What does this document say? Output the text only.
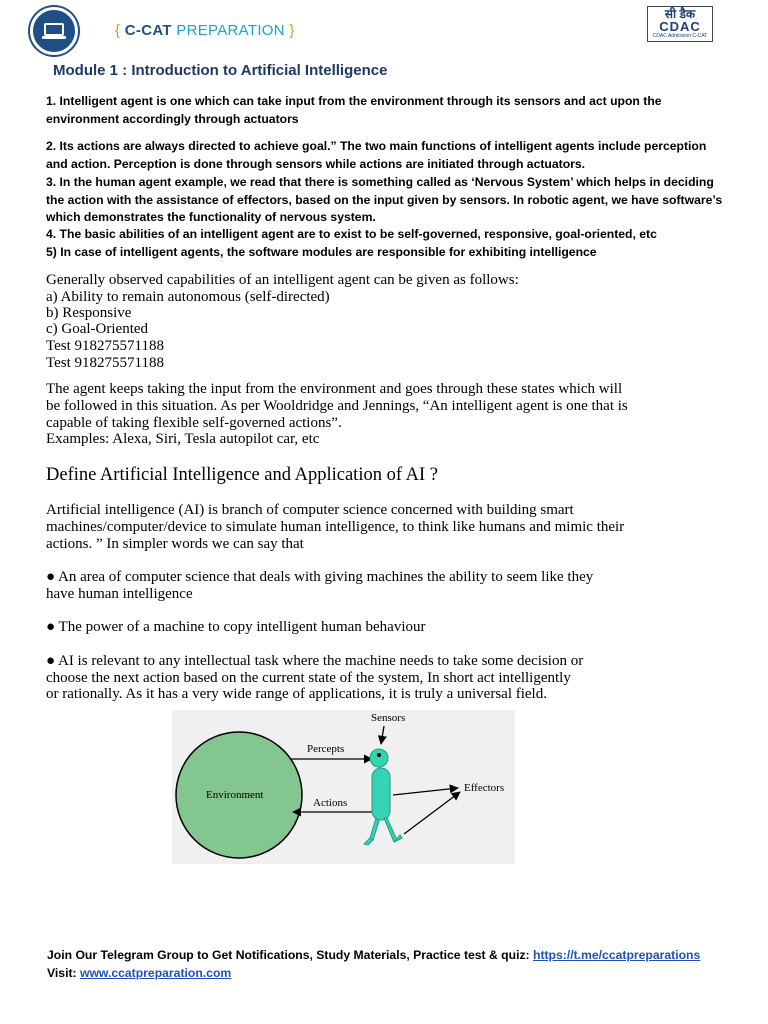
{ C-CAT PREPARATION }
सी डैक
CDAC
CDAC Admission C-CAT
Module 1 : Introduction to Artificial Intelligence
1. Intelligent agent is one which can take input from the environment through its sensors and act upon the environment accordingly through actuators
2. Its actions are always directed to achieve goal.” The two main functions of intelligent agents include perception and action. Perception is done through sensors while actions are initiated through actuators.
3. In the human agent example, we read that there is something called as ‘Nervous System’ which helps in deciding the action with the assistance of effectors, based on the input given by sensors. In robotic agent, we have software’s which demonstrates the functionality of nervous system.
4. The basic abilities of an intelligent agent are to exist to be self-governed, responsive, goal-oriented, etc
5) In case of intelligent agents, the software modules are responsible for exhibiting intelligence
Generally observed capabilities of an intelligent agent can be given as follows:
a) Ability to remain autonomous (self-directed)
b) Responsive
c) Goal-Oriented
Test 918275571188
Test 918275571188
The agent keeps taking the input from the environment and goes through these states which will
be followed in this situation. As per Wooldridge and Jennings, “An intelligent agent is one that is
capable of taking flexible self-governed actions”.
Examples: Alexa, Siri, Tesla autopilot car, etc
Define Artificial Intelligence and Application of AI ?
Artificial intelligence (AI) is branch of computer science concerned with building smart
machines/computer/device to simulate human intelligence, to think like humans and mimic their
actions. ” In simpler words we can say that
● An area of computer science that deals with giving machines the ability to seem like they
have human intelligence
● The power of a machine to copy intelligent human behaviour
● AI is relevant to any intellectual task where the machine needs to take some decision or
choose the next action based on the current state of the system, In short act intelligently
or rationally. As it has a very wide range of applications, it is truly a universal field.
Environment
Percepts
Actions
Sensors
Effectors
Join Our Telegram Group to Get Notifications, Study Materials, Practice test & quiz: https://t.me/ccatpreparations
Visit: www.ccatpreparation.com
